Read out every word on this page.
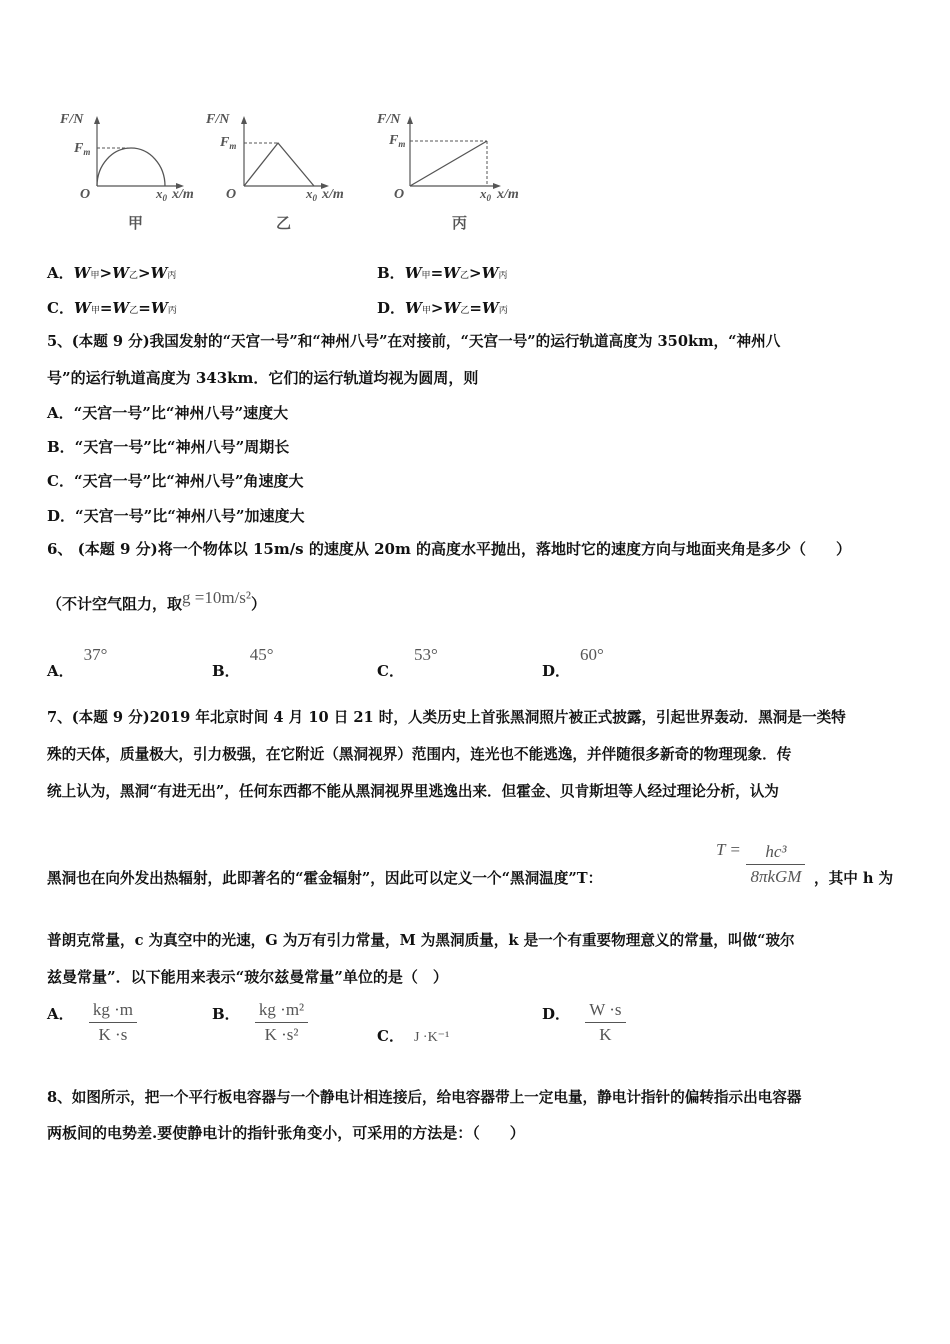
F/N
$F_m$
O	$x_0$ x/m
甲
F/N
$F_m$
O	$x_0$ x/m
乙
F/N
$F_m$
O	$x_0$ x/m
丙
A．W甲>W乙>W丙	B．W甲=W乙>W丙
C．W甲=W乙=W丙	D．W甲>W乙=W丙
5、(本题 9 分)我国发射的“天宫一号”和“神州八号”在对接前，“天宫一号”的运行轨道高度为 350km，“神州八
号”的运行轨道高度为 343km．它们的运行轨道均视为圆周，则
A．“天宫一号”比“神州八号”速度大
B．“天宫一号”比“神州八号”周期长
C．“天宫一号”比“神州八号”角速度大
D．“天宫一号”比“神州八号”加速度大
6、 (本题 9 分)将一个物体以 15m/s 的速度从 20m 的高度水平抛出，落地时它的速度方向与地面夹角是多少（　　）
（不计空气阻力，取g =10m/s²）
A．37°
B．45°
C．53°
D．60°
7、(本题 9 分)2019 年北京时间 4 月 10 日 21 时，人类历史上首张黑洞照片被正式披露，引起世界轰动．黑洞是一类特
殊的天体，质量极大，引力极强，在它附近（黑洞视界）范围内，连光也不能逃逸，并伴随很多新奇的物理现象．传
统上认为，黑洞“有进无出”，任何东西都不能从黑洞视界里逃逸出来．但霍金、贝肯斯坦等人经过理论分析，认为
黑洞也在向外发出热辐射，此即著名的“霍金辐射”，因此可以定义一个“黑洞温度”T：
$T = \frac{\text{hc³}}{\text{8πkGM}}$ ，其中 h 为
普朗克常量，c 为真空中的光速，G 为万有引力常量，M 为黑洞质量，k 是一个有重要物理意义的常量，叫做“玻尔
兹曼常量”．以下能用来表示“玻尔兹曼常量”单位的是（　）
A． $\frac{kg \cdot m}{K \cdot s}$	B． $\frac{\text{kg ·m²}}{\text{K ·s²}}$	C． J ·K⁻¹
D． $\frac{W \cdot s}{K}$
8、如图所示，把一个平行板电容器与一个静电计相连接后，给电容器带上一定电量，静电计指针的偏转指示出电容器
两板间的电势差.要使静电计的指针张角变小，可采用的方法是：（　　）
